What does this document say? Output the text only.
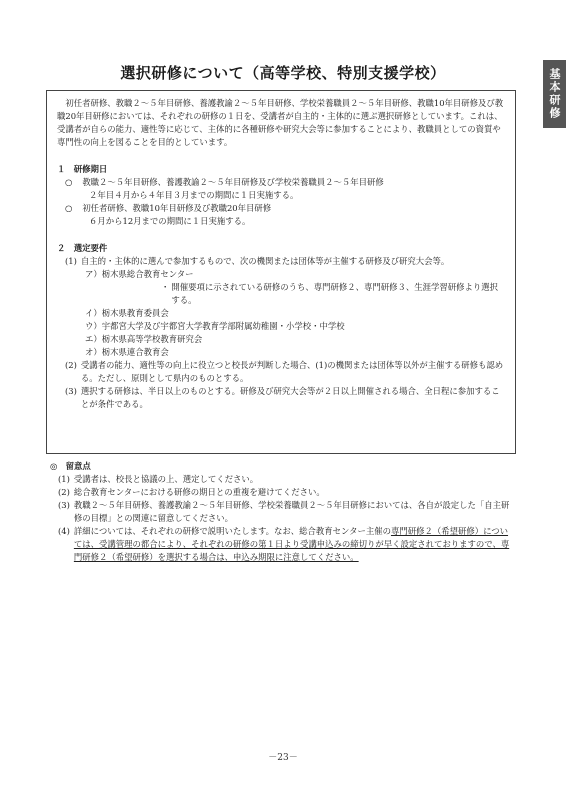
選択研修について（高等学校、特別支援学校）	基本研修

初任者研修、教職２～５年目研修、養護教諭２～５年目研修、学校栄養職員２～５年目研修、教職10年目研修及び教職20年目研修においては、それぞれの研修の１日を、受講者が自主的・主体的に選ぶ選択研修としています。これは、受講者が自らの能力、適性等に応じて、主体的に各種研修や研究大会等に参加することにより、教職員としての資質や専門性の向上を図ることを目的としています。

１　研修期日

○	教職２～５年目研修、養護教諭２～５年目研修及び学校栄養職員２～５年目研修

２年目４月から４年目３月までの期間に１日実施する。

○	初任者研修、教職10年目研修及び教職20年目研修

６月から12月までの期間に１日実施する。

２　選定要件

(1) 自主的・主体的に選んで参加するもので、次の機関または団体等が主催する研修及び研究大会等。
ア） 栃木県総合教育センター
・ 開催要項に示されている研修のうち、専門研修２、専門研修３、生涯学習研修より選択する。
イ） 栃木県教育委員会
ウ） 宇都宮大学及び宇都宮大学教育学部附属幼稚園・小学校・中学校
エ） 栃木県高等学校教育研究会
オ） 栃木県連合教育会
(2) 受講者の能力、適性等の向上に役立つと校長が判断した場合、(1)の機関または団体等以外が主催する研修も認める。ただし、原則として県内のものとする。
(3) 選択する研修は、半日以上のものとする。研修及び研究大会等が２日以上開催される場合、全日程に参加することが条件である。

◎　留意点

(1) 受講者は、校長と協議の上、選定してください。
(2) 総合教育センターにおける研修の期日との重複を避けてください。
(3) 教職２～５年目研修、養護教諭２～５年目研修、学校栄養職員２～５年目研修においては、各自が設定した「自主研修の目標」との関連に留意してください。
(4) 詳細については、それぞれの研修で説明いたします。なお、総合教育センター主催の専門研修２（希望研修）については、受講管理の都合により、それぞれの研修の第１日より受講申込みの締切りが早く設定されておりますので、専門研修２（希望研修）を選択する場合は、申込み期限に注意してください。
－23－
